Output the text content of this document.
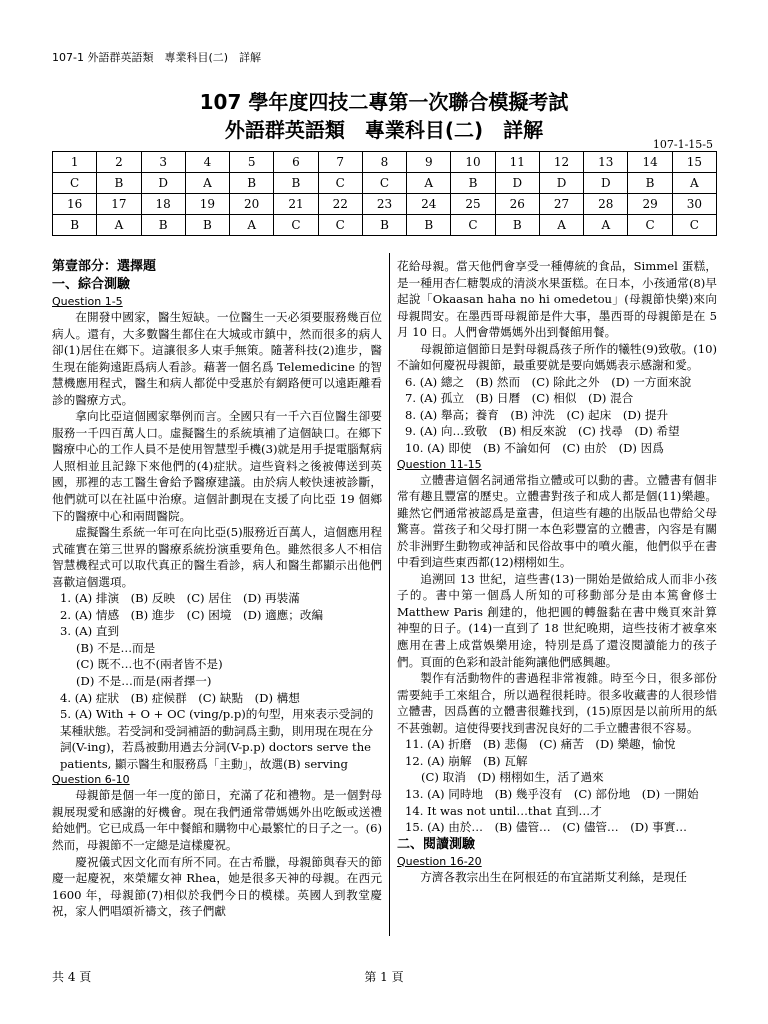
107-1 外語群英語類　專業科目(二)　詳解
107 學年度四技二專第一次聯合模擬考試
外語群英語類　專業科目(二)　詳解
107-1-15-5
1	2	3	4	5	6	7	8	9	10	11	12	13	14	15
C	B	D	A	B	B	C	C	A	B	D	D	D	B	A
16	17	18	19	20	21	22	23	24	25	26	27	28	29	30
B	A	B	B	A	C	C	B	B	C	B	A	A	C	C

第壹部分：選擇題

一、綜合測驗

Question 1-5

在開發中國家，醫生短缺。一位醫生一天必須要服務幾百位病人。還有，大多數醫生都住在大城或市鎮中，然而很多的病人卻(1)居住在鄉下。這讓很多人束手無策。隨著科技(2)進步，醫生現在能夠遠距爲病人看診。藉著一個名爲 Telemedicine 的智慧機應用程式，醫生和病人都從中受惠於有網路便可以遠距離看診的醫療方式。

拿向比亞這個國家舉例而言。全國只有一千六百位醫生卻要服務一千四百萬人口。虛擬醫生的系統填補了這個缺口。在鄉下醫療中心的工作人員不是使用智慧型手機(3)就是用手提電腦幫病人照相並且記錄下來他們的(4)症狀。這些資料之後被傳送到英國，那裡的志工醫生會給予醫療建議。由於病人較快速被診斷，他們就可以在社區中治療。這個計劃現在支援了向比亞 19 個鄉下的醫療中心和兩間醫院。

虛擬醫生系統一年可在向比亞(5)服務近百萬人，這個應用程式確實在第三世界的醫療系統扮演重要角色。雖然很多人不相信智慧機程式可以取代真正的醫生看診，病人和醫生都顯示出他們喜歡這個選項。

1. (A) 排演　(B) 反映　(C) 居住　(D) 再裝滿

2. (A) 情感　(B) 進步　(C) 困境　(D) 適應；改編

3. (A) 直到

(B) 不是…而是

(C) 既不…也不(兩者皆不是)

(D) 不是…而是(兩者擇一)

4. (A) 症狀　(B) 症候群　(C) 缺點　(D) 構想

5. (A) With + O + OC (ving/p.p)的句型，用來表示受詞的某種狀態。若受詞和受詞補語的動詞爲主動，則用現在現在分詞(V-ing)，若爲被動用過去分詞(V-p.p) doctors serve the patients, 顯示醫生和服務爲「主動」，故選(B) serving

Question 6-10

母親節是個一年一度的節日，充滿了花和禮物。是一個對母親展現愛和感謝的好機會。現在我們通常帶媽媽外出吃飯或送禮給她們。它已成爲一年中餐館和購物中心最繁忙的日子之一。(6)然而，母親節不一定總是這樣慶祝。

慶祝儀式因文化而有所不同。在古希臘，母親節與春天的節慶一起慶祝，來榮耀女神 Rhea，她是很多天神的母親。在西元 1600 年，母親節(7)相似於我們今日的模樣。英國人到教堂慶祝，家人們唱頌祈禱文，孩子們獻

花給母親。當天他們會享受一種傳統的食品，Simmel 蛋糕，是一種用杏仁糖製成的清淡水果蛋糕。在日本，小孩通常(8)早起說「Okaasan haha no hi omedetou」(母親節快樂)來向母親問安。在墨西哥母親節是件大事，墨西哥的母親節是在 5 月 10 日。人們會帶媽媽外出到餐館用餐。

母親節這個節日是對母親爲孩子所作的犧牲(9)致敬。(10)不論如何慶祝母親節，最重要就是要向媽媽表示感謝和愛。

6. (A) 總之　(B) 然而　(C) 除此之外　(D) 一方面來說

7. (A) 孤立　(B) 日曆　(C) 相似　(D) 混合

8. (A) 舉高；養育　(B) 沖洗　(C) 起床　(D) 提升

9. (A) 向…致敬　(B) 相反來說　(C) 找尋　(D) 希望

10. (A) 即使　(B) 不論如何　(C) 由於　(D) 因爲

Question 11-15

立體書這個名詞通常指立體或可以動的書。立體書有個非常有趣且豐富的歷史。立體書對孩子和成人都是個(11)樂趣。雖然它們通常被認爲是童書，但這些有趣的出版品也帶給父母驚喜。當孩子和父母打開一本色彩豐富的立體書，內容是有關於非洲野生動物或神話和民俗故事中的噴火龍，他們似乎在書中看到這些東西都(12)栩栩如生。

追溯回 13 世紀，這些書(13)一開始是做給成人而非小孩子的。書中第一個爲人所知的可移動部分是由本篤會修士 Matthew Paris 創建的，他把圓的轉盤黏在書中幾頁來計算神聖的日子。(14)一直到了 18 世紀晚期，這些技術才被拿來應用在書上成當娛樂用途，特別是爲了還沒閱讀能力的孩子們。頁面的色彩和設計能夠讓他們感興趣。

製作有活動物件的書過程非常複雜。時至今日，很多部份需要純手工來組合，所以過程很耗時。很多收藏書的人很珍惜立體書，因爲舊的立體書很難找到，(15)原因是以前所用的紙不甚強韌。這使得要找到書況良好的二手立體書很不容易。

11. (A) 折磨　(B) 悲傷　(C) 痛苦　(D) 樂趣，愉悅

12. (A) 崩解　(B) 瓦解

(C) 取消　(D) 栩栩如生，活了過來

13. (A) 同時地　(B) 幾乎沒有　(C) 部份地　(D) 一開始

14. It was not until…that 直到…才

15. (A) 由於…　(B) 儘管…　(C) 儘管…　(D) 事實…

二、閱讀測驗

Question 16-20

方濟各教宗出生在阿根廷的布宜諾斯艾利絲，是現任

共 4 頁	第 1 頁
